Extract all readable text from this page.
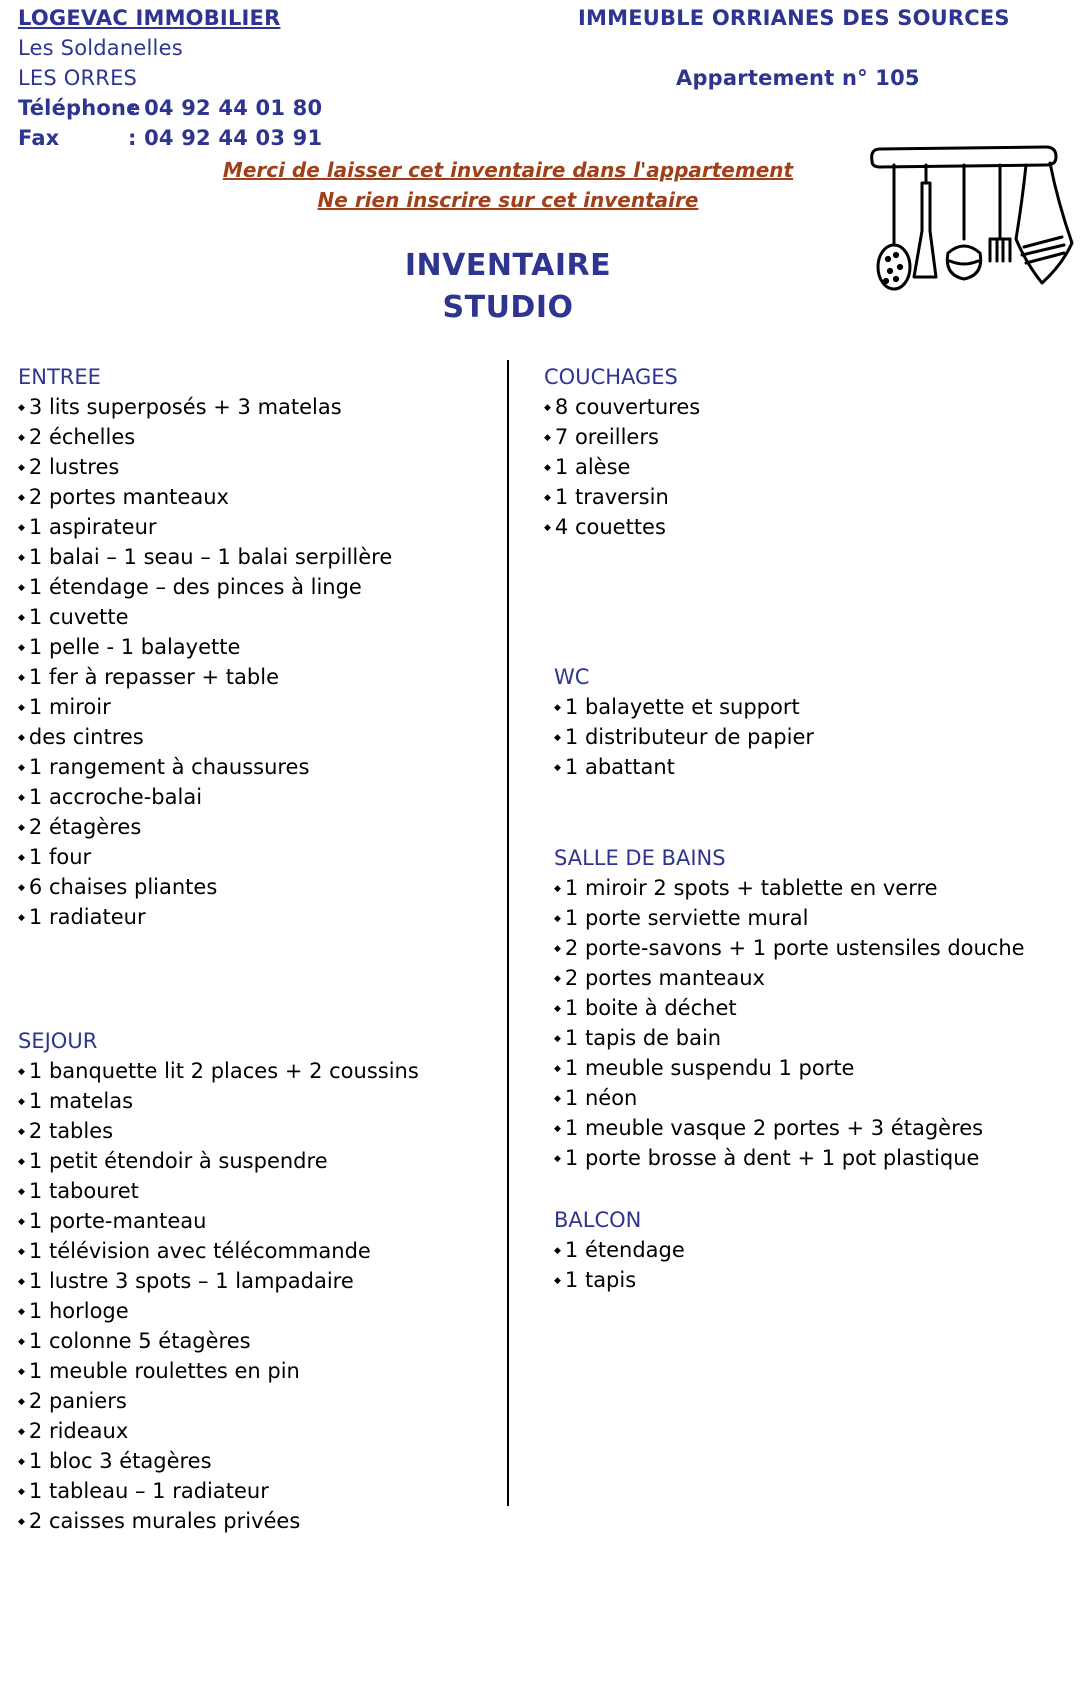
LOGEVAC IMMOBILIER
Les Soldanelles
LES ORRES
Téléphone
: 04 92 44 01 80
Fax	: 04 92 44 03 91
IMMEUBLE ORRIANES DES SOURCES
Appartement n° 105
Merci de laisser cet inventaire dans l'appartement
Ne rien inscrire sur cet inventaire
INVENTAIRE
STUDIO
ENTREE
◆ 3 lits superposés + 3 matelas
◆ 2 échelles
◆ 2 lustres
◆ 2 portes manteaux
◆ 1 aspirateur
◆ 1 balai – 1 seau – 1 balai serpillère
◆ 1 étendage – des pinces à linge
◆ 1 cuvette
◆ 1 pelle - 1 balayette
◆ 1 fer à repasser + table
◆ 1 miroir
◆ des cintres
◆ 1 rangement à chaussures
◆ 1 accroche-balai
◆ 2 étagères
◆ 1 four
◆ 6 chaises pliantes
◆ 1 radiateur
SEJOUR
◆ 1 banquette lit 2 places + 2 coussins
◆ 1 matelas
◆ 2 tables
◆ 1 petit étendoir à suspendre
◆ 1 tabouret
◆ 1 porte-manteau
◆ 1 télévision avec télécommande
◆ 1 lustre 3 spots – 1 lampadaire
◆ 1 horloge
◆ 1 colonne 5 étagères
◆ 1 meuble roulettes en pin
◆ 2 paniers
◆ 2 rideaux
◆ 1 bloc 3 étagères
◆ 1 tableau – 1 radiateur
◆ 2 caisses murales privées
COUCHAGES
◆ 8 couvertures
◆ 7 oreillers
◆ 1 alèse
◆ 1 traversin
◆ 4 couettes
WC
◆ 1 balayette et support
◆ 1 distributeur de papier
◆ 1 abattant
SALLE DE BAINS
◆ 1 miroir 2 spots + tablette en verre
◆ 1 porte serviette mural
◆ 2 porte-savons + 1 porte ustensiles douche
◆ 2 portes manteaux
◆ 1 boite à déchet
◆ 1 tapis de bain
◆ 1 meuble suspendu 1 porte
◆ 1 néon
◆ 1 meuble vasque 2 portes + 3 étagères
◆ 1 porte brosse à dent + 1 pot plastique
BALCON
◆ 1 étendage
◆ 1 tapis
